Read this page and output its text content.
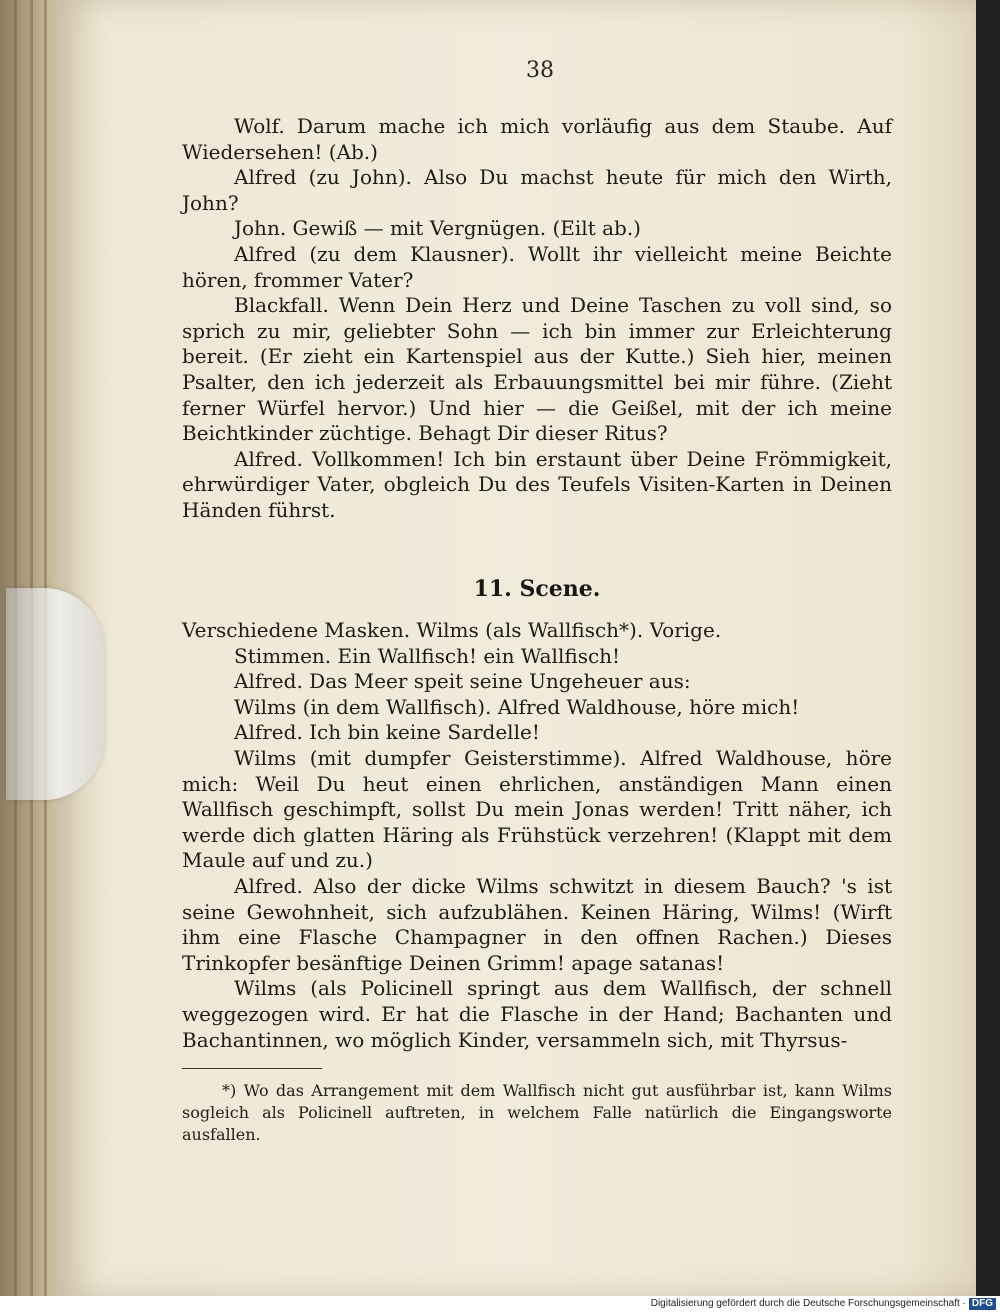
38

Wolf. Darum mache ich mich vorläufig aus dem Staube. Auf Wiedersehen! (Ab.)

Alfred (zu John). Also Du machst heute für mich den Wirth, John?

John. Gewiß — mit Vergnügen. (Eilt ab.)

Alfred (zu dem Klausner). Wollt ihr vielleicht meine Beichte hören, frommer Vater?

Blackfall. Wenn Dein Herz und Deine Taschen zu voll sind, so sprich zu mir, geliebter Sohn — ich bin immer zur Erleichterung bereit. (Er zieht ein Kartenspiel aus der Kutte.) Sieh hier, meinen Psalter, den ich jederzeit als Erbauungsmittel bei mir führe. (Zieht ferner Würfel hervor.) Und hier — die Geißel, mit der ich meine Beichtkinder züchtige. Behagt Dir dieser Ritus?

Alfred. Vollkommen! Ich bin erstaunt über Deine Frömmigkeit, ehrwürdiger Vater, obgleich Du des Teufels Visiten-Karten in Deinen Händen führst.

11. Scene.

Verschiedene Masken. Wilms (als Wallfisch*). Vorige.

Stimmen. Ein Wallfisch! ein Wallfisch!

Alfred. Das Meer speit seine Ungeheuer aus:

Wilms (in dem Wallfisch). Alfred Waldhouse, höre mich!

Alfred. Ich bin keine Sardelle!

Wilms (mit dumpfer Geisterstimme). Alfred Waldhouse, höre mich: Weil Du heut einen ehrlichen, anständigen Mann einen Wallfisch geschimpft, sollst Du mein Jonas werden! Tritt näher, ich werde dich glatten Häring als Frühstück verzehren! (Klappt mit dem Maule auf und zu.)

Alfred. Also der dicke Wilms schwitzt in diesem Bauch? 's ist seine Gewohnheit, sich aufzublähen. Keinen Häring, Wilms! (Wirft ihm eine Flasche Champagner in den offnen Rachen.) Dieses Trinkopfer besänftige Deinen Grimm! apage satanas!

Wilms (als Policinell springt aus dem Wallfisch, der schnell weggezogen wird. Er hat die Flasche in der Hand; Bachanten und Bachantinnen, wo möglich Kinder, versammeln sich, mit Thyrsus-

*) Wo das Arrangement mit dem Wallfisch nicht gut ausführbar ist, kann Wilms sogleich als Policinell auftreten, in welchem Falle natürlich die Eingangsworte ausfallen.

Digitalisierung gefördert durch die Deutsche Forschungsgemeinschaft · DFG
